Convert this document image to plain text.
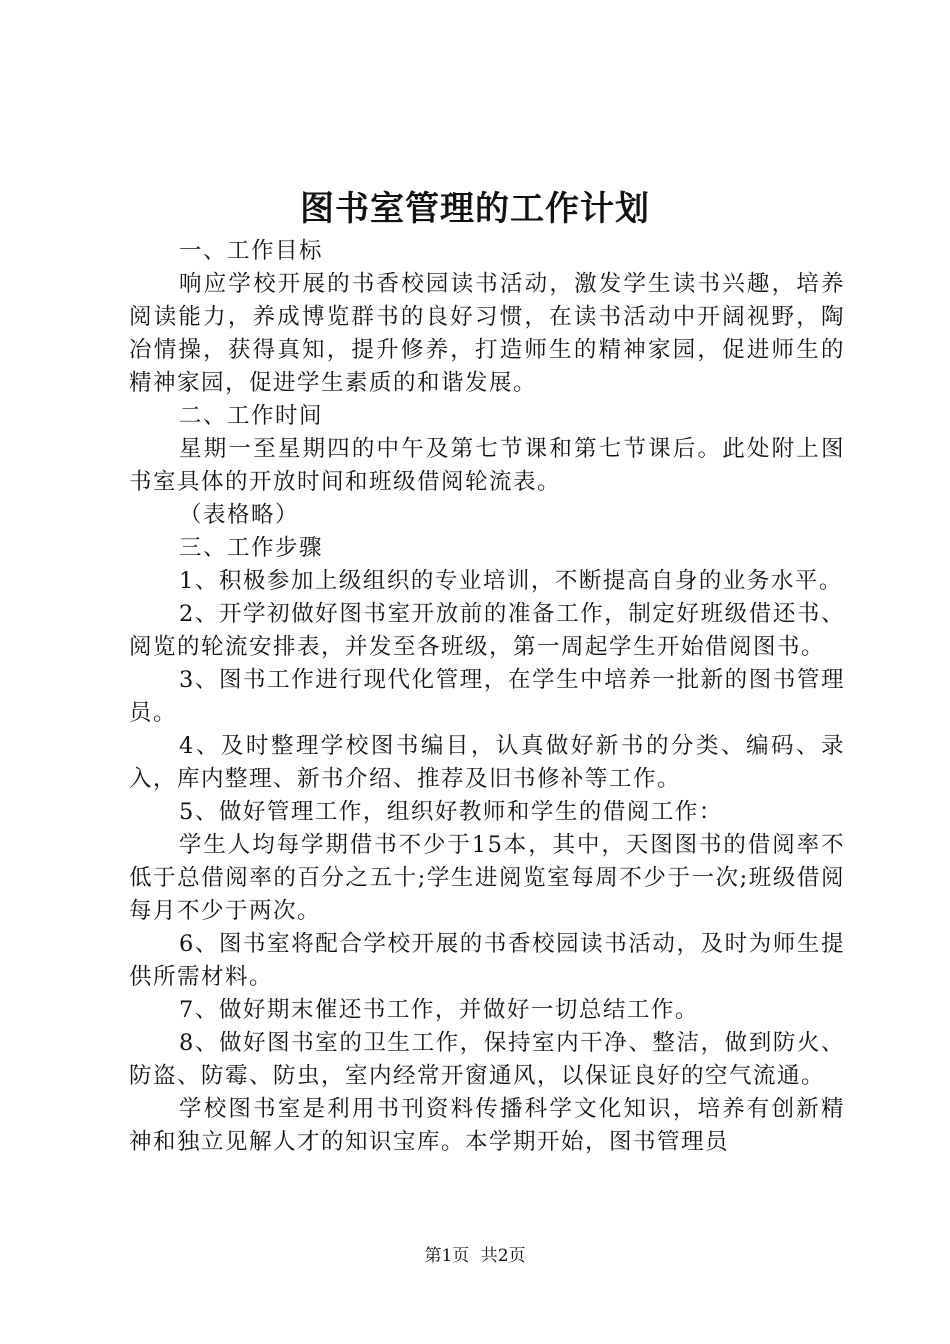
图书室管理的工作计划

一、工作目标

响应学校开展的书香校园读书活动，激发学生读书兴趣，培养阅读能力，养成博览群书的良好习惯，在读书活动中开阔视野，陶冶情操，获得真知，提升修养，打造师生的精神家园，促进师生的精神家园，促进学生素质的和谐发展。

二、工作时间

星期一至星期四的中午及第七节课和第七节课后。此处附上图书室具体的开放时间和班级借阅轮流表。

（表格略）

三、工作步骤

1、积极参加上级组织的专业培训，不断提高自身的业务水平。

2、开学初做好图书室开放前的准备工作，制定好班级借还书、阅览的轮流安排表，并发至各班级，第一周起学生开始借阅图书。

3、图书工作进行现代化管理，在学生中培养一批新的图书管理员。

4、及时整理学校图书编目，认真做好新书的分类、编码、录入，库内整理、新书介绍、推荐及旧书修补等工作。

5、做好管理工作，组织好教师和学生的借阅工作：

学生人均每学期借书不少于15本，其中，天图图书的借阅率不低于总借阅率的百分之五十;学生进阅览室每周不少于一次;班级借阅每月不少于两次。

6、图书室将配合学校开展的书香校园读书活动，及时为师生提供所需材料。

7、做好期末催还书工作，并做好一切总结工作。

8、做好图书室的卫生工作，保持室内干净、整洁，做到防火、防盗、防霉、防虫，室内经常开窗通风，以保证良好的空气流通。

学校图书室是利用书刊资料传播科学文化知识，培养有创新精神和独立见解人才的知识宝库。本学期开始，图书管理员

第1页 共2页
